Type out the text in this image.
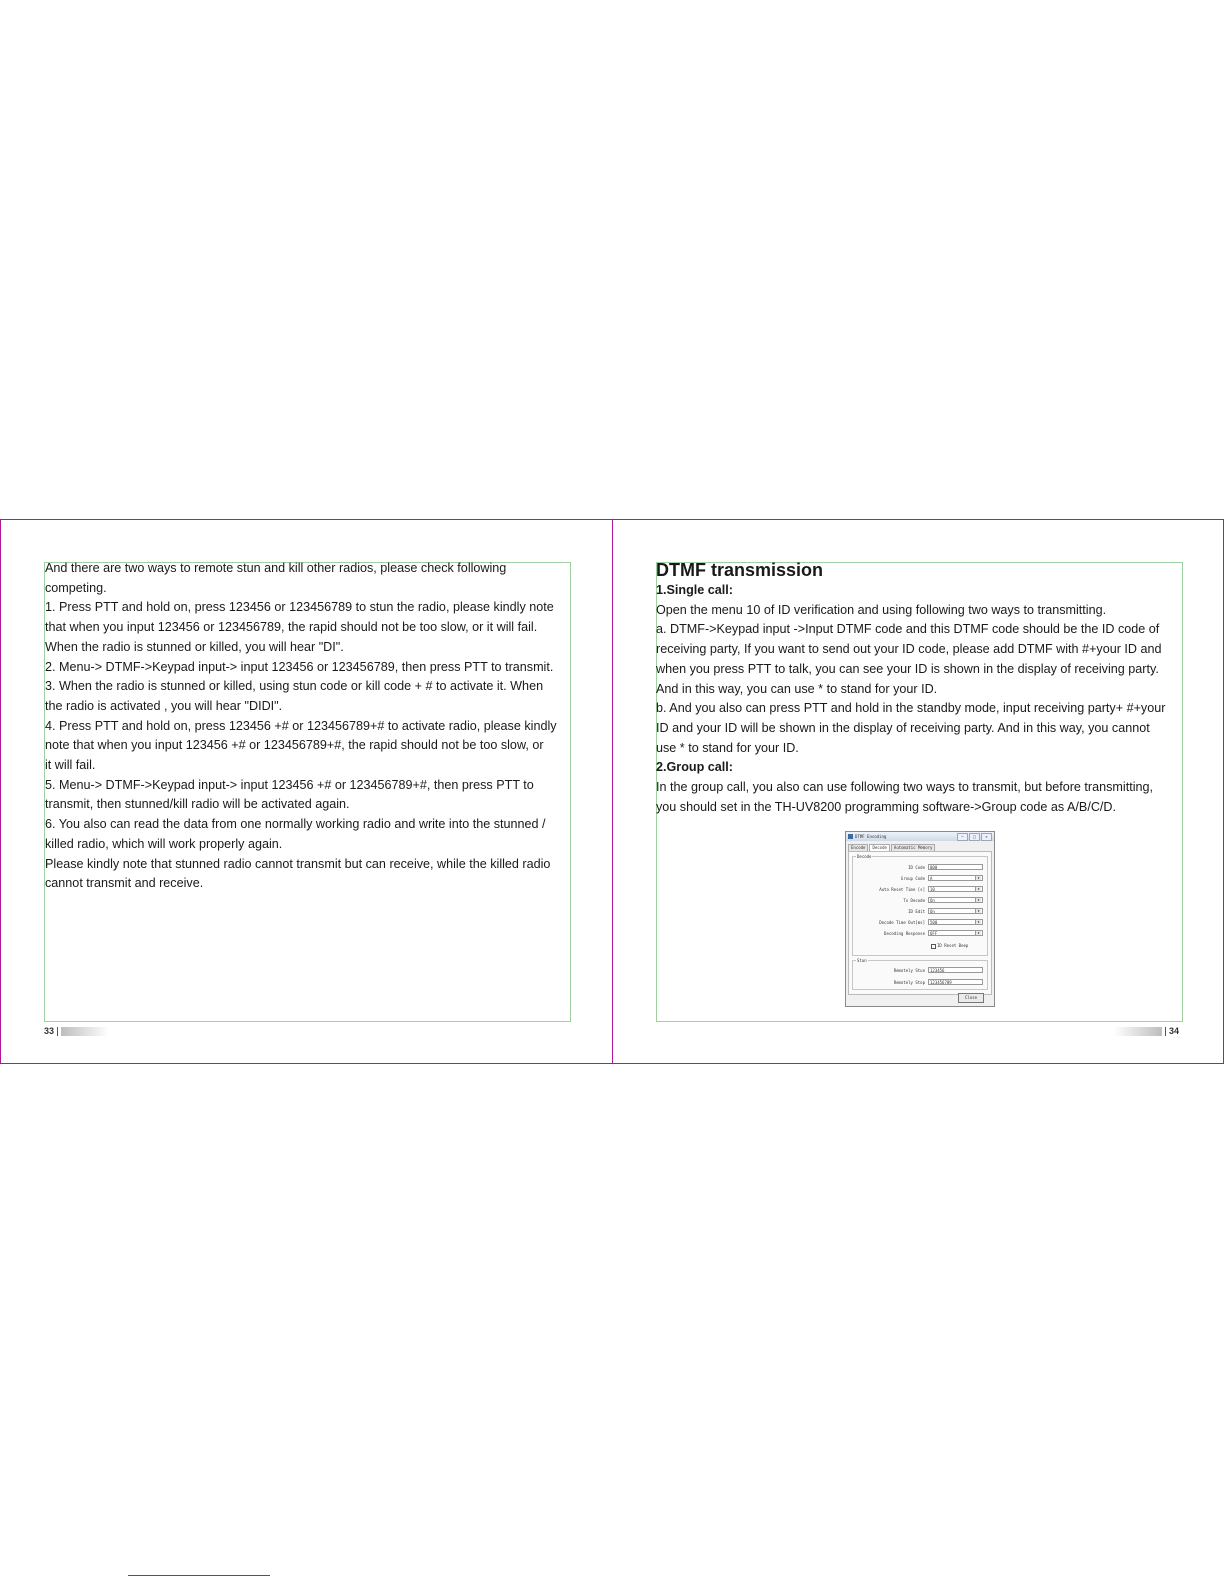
And there are two ways to remote stun and kill other radios, please check following

competing.

1. Press PTT and hold on, press 123456 or 123456789 to stun the radio, please kindly note

that when you input 123456 or 123456789, the rapid should not be too slow, or it will fail.

When the radio is stunned or killed, you will hear "DI".

2. Menu-> DTMF->Keypad input-> input 123456 or 123456789, then press PTT to transmit.

3. When the radio is stunned or killed, using stun code or kill code + # to activate it. When

the radio is activated , you will hear "DIDI".

4. Press PTT and hold on, press 123456 +# or 123456789+# to activate radio, please kindly

note that when you input 123456 +# or 123456789+#, the rapid should not be too slow, or

it will fail.

5. Menu-> DTMF->Keypad input-> input 123456 +# or 123456789+#, then press PTT to

transmit, then stunned/kill radio will be activated again.

6. You also can read the data from one normally working radio and write into the stunned /

killed radio, which will work properly again.

Please kindly note that stunned radio cannot transmit but can receive, while the killed radio

cannot transmit and receive.

33
DTMF transmission

1.Single call:

Open the menu 10 of ID verification and using following two ways to transmitting.

a. DTMF->Keypad input ->Input DTMF code and this DTMF code should be the ID code of

receiving party, If you want to send out your ID code, please add DTMF with #+your ID and

when you press PTT to talk, you can see your ID is shown in the display of receiving party.

And in this way, you can use * to stand for your ID.

b. And you also can press PTT and hold in the standby mode, input receiving party+ #+your

ID and your ID will be shown in the display of receiving party. And in this way, you cannot

use * to stand for your ID.

2.Group call:

In the group call, you also can use following two ways to transmit, but before transmitting,

you should set in the TH-UV8200 programming software->Group code as A/B/C/D.

DTMF Encoding	—	□	✕
Encode	Decode	Automatic Memory
Decode
ID Code	000
Group Code	A	▼
Auto Reset Time [s]	10	▼
Tx Decode	On	▼
ID Edit	On	▼
Decode Time Out[ms]	500	▼
Decoding Response	OFF	▼
ID Reset Beep
Stun
Remotely Stun	123456
Remotely Stop	123456789
Close
34
